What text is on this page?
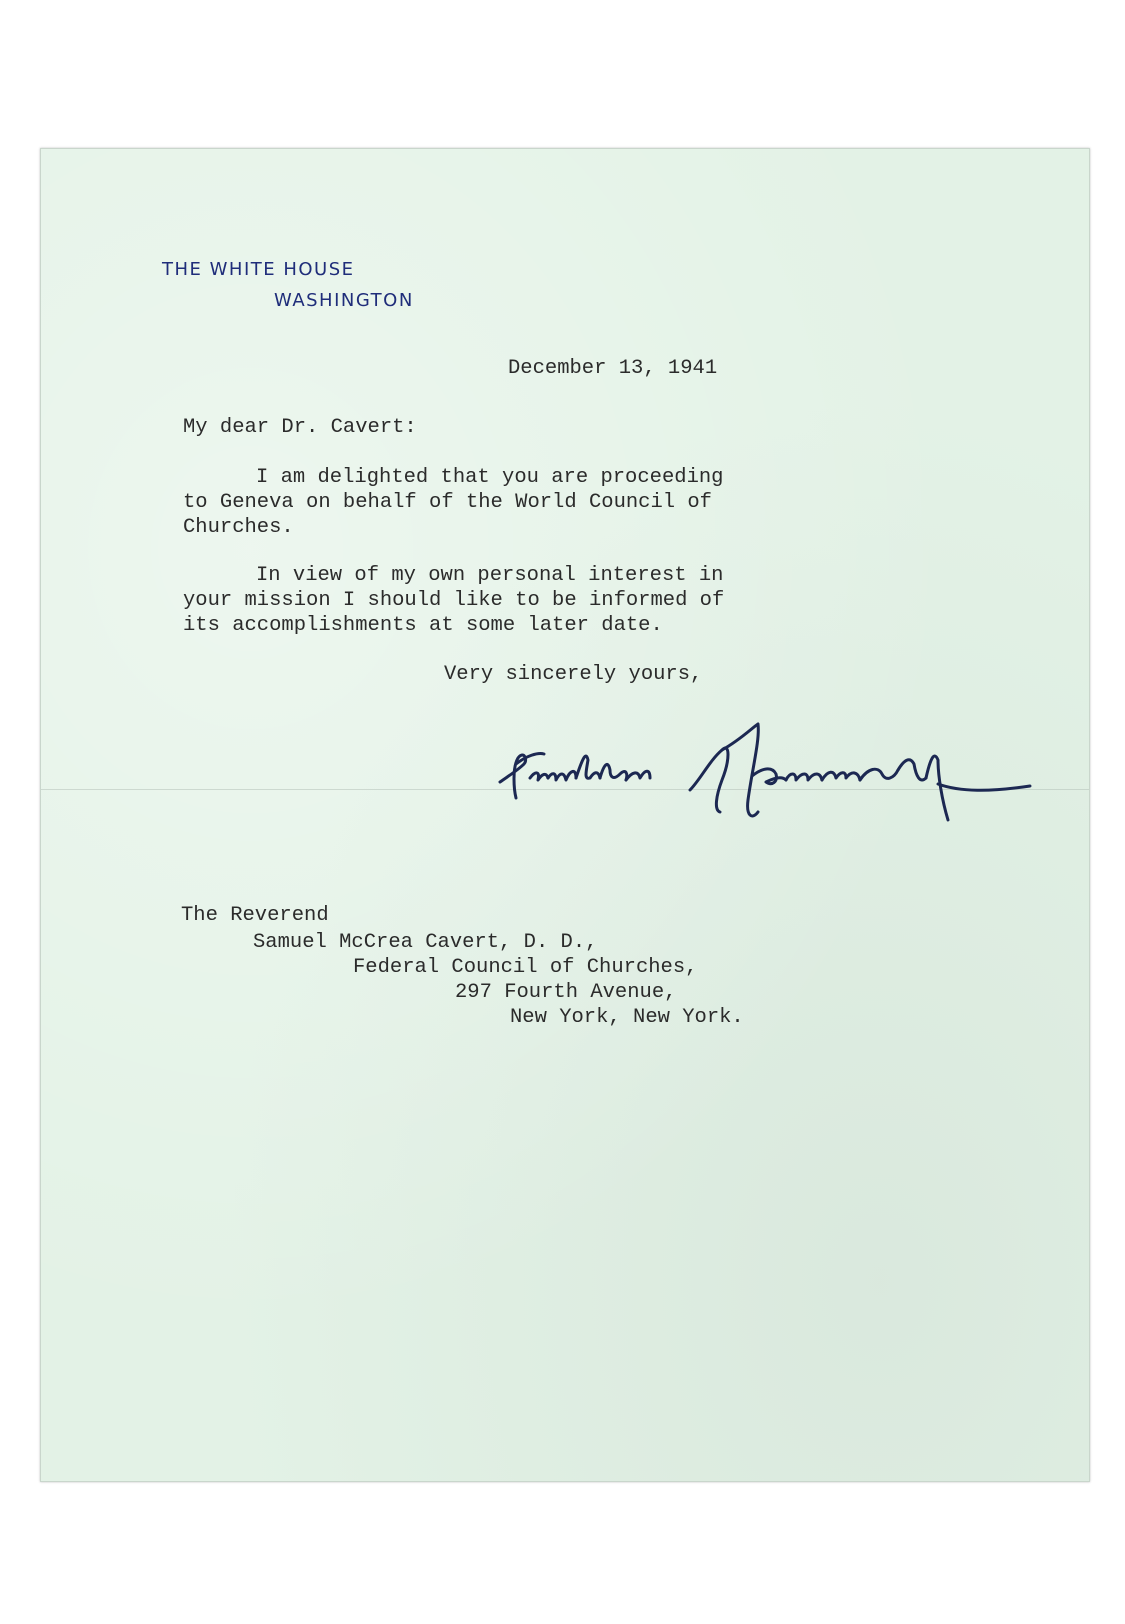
THE WHITE HOUSE

WASHINGTON

December 13, 1941

My dear Dr. Cavert:

I am delighted that you are proceeding

to Geneva on behalf of the World Council of

Churches.

In view of my own personal interest in

your mission I should like to be informed of

its accomplishments at some later date.

Very sincerely yours,

The Reverend

Samuel McCrea Cavert, D. D.,

Federal Council of Churches,

297 Fourth Avenue,

New York, New York.
